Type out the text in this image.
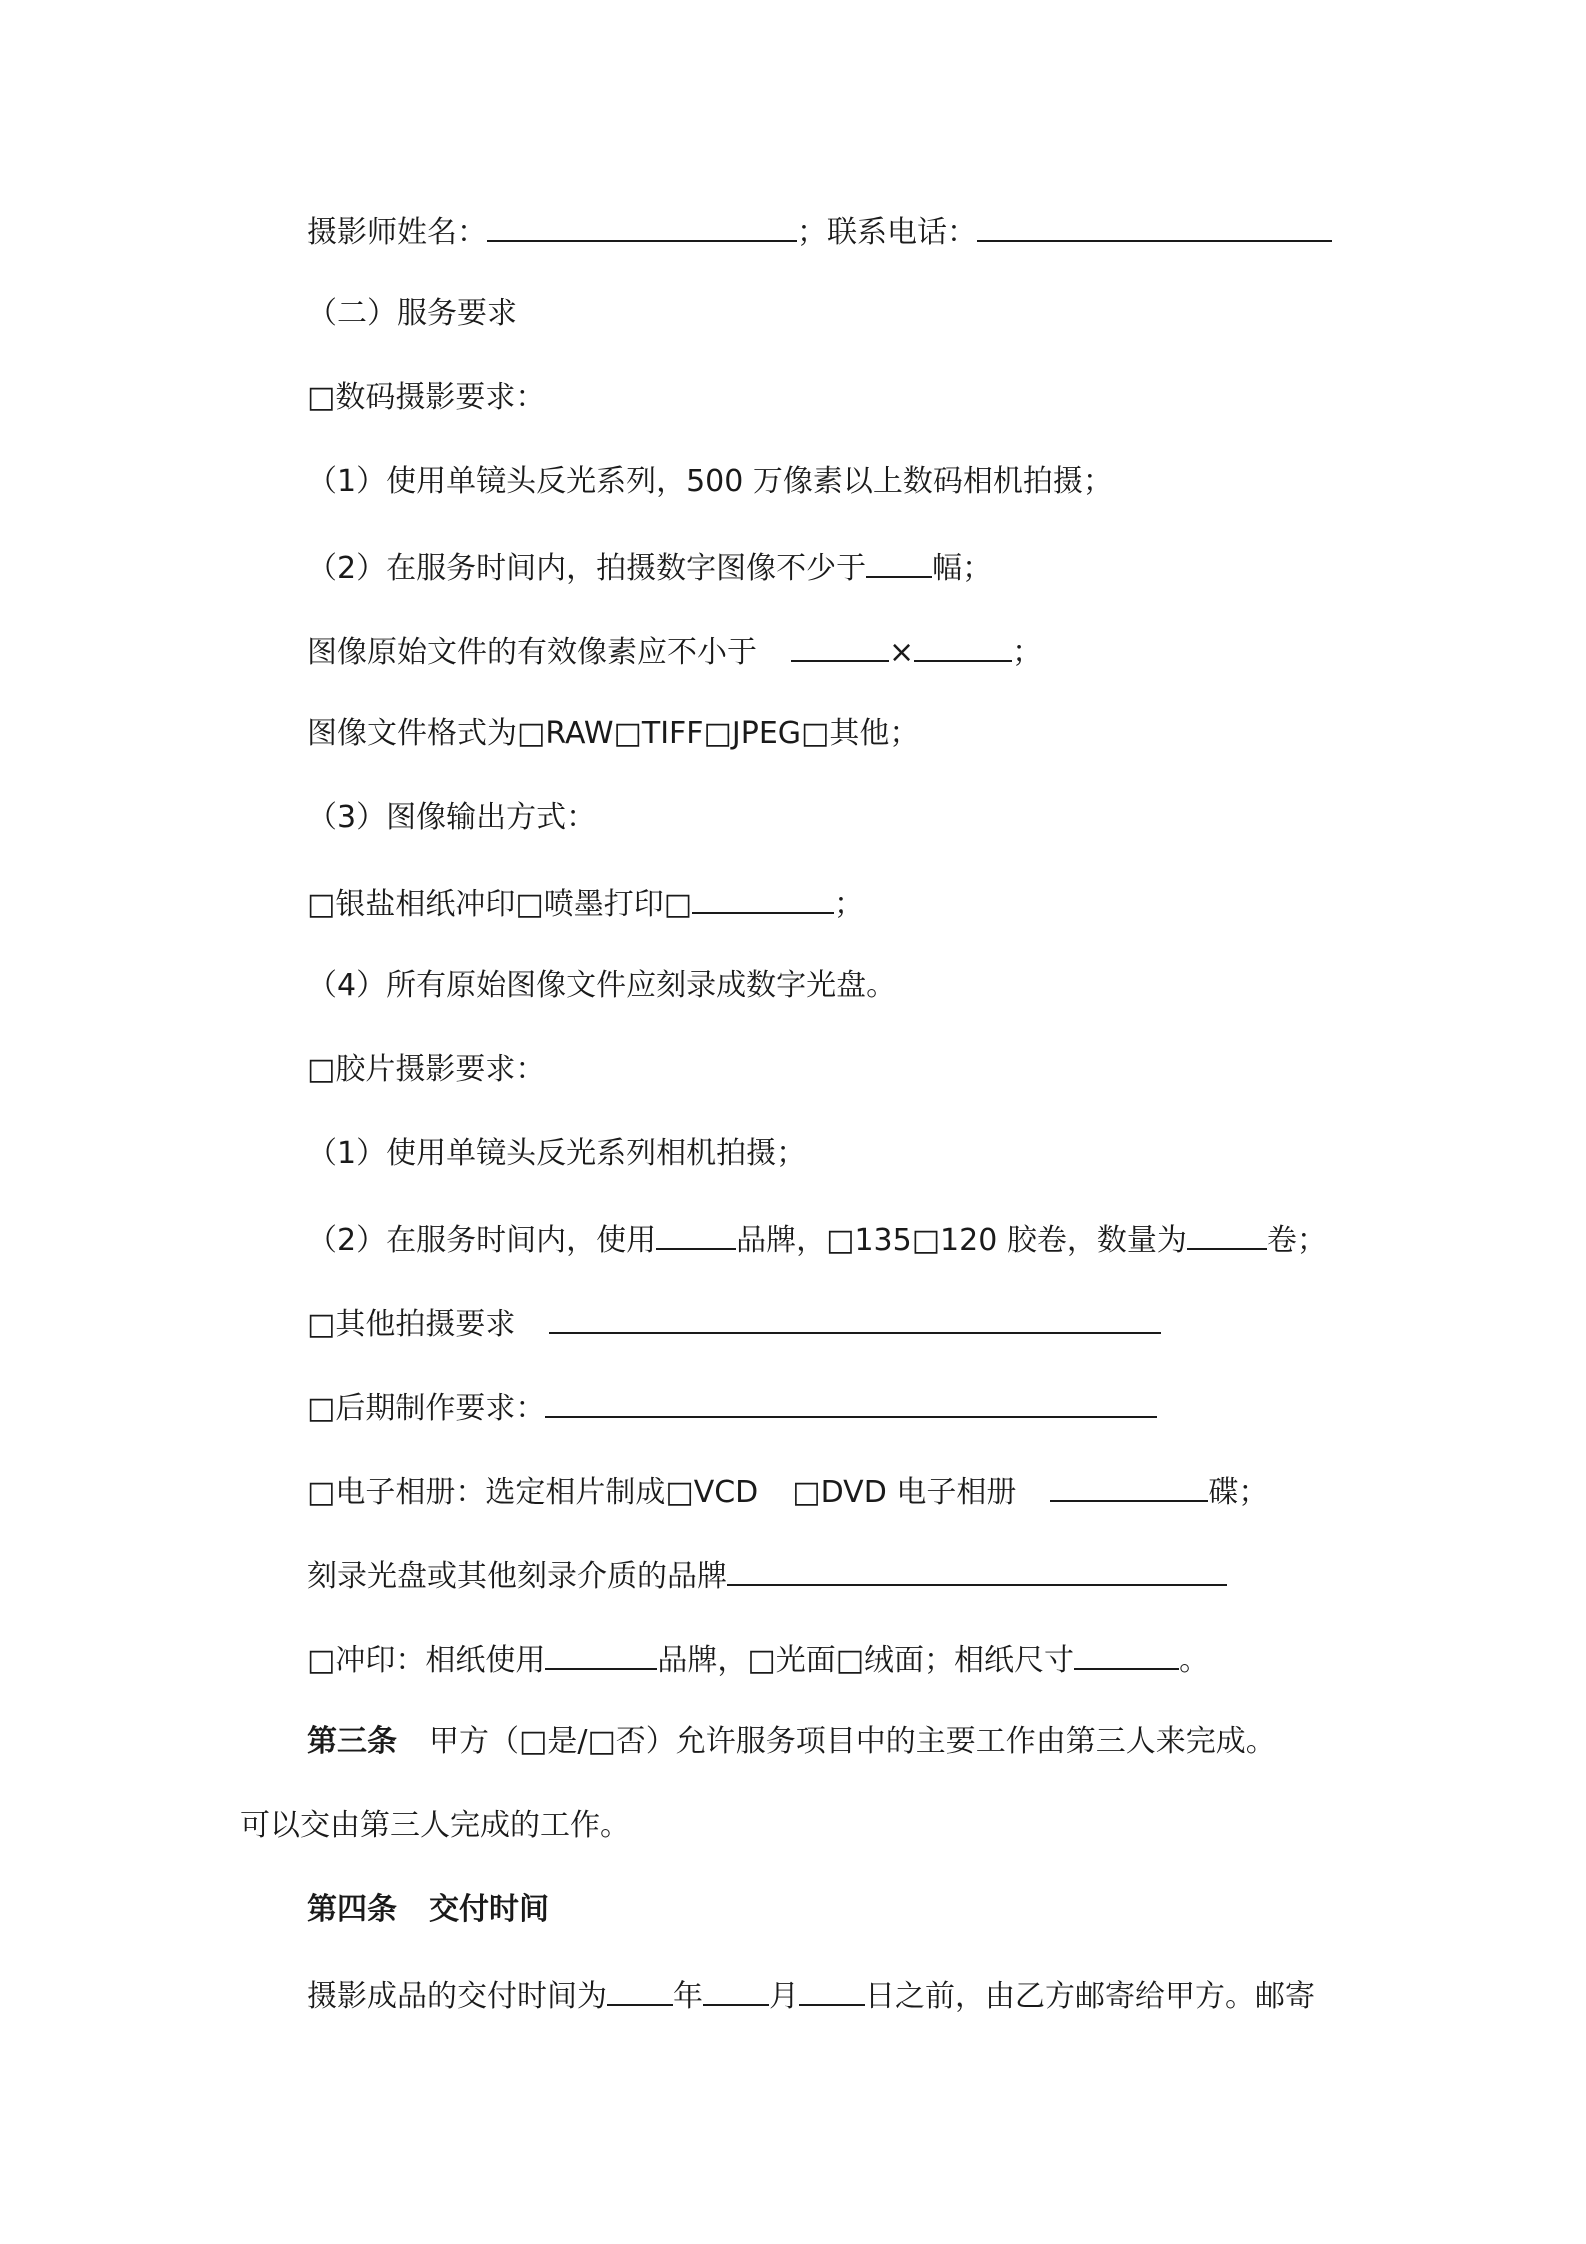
摄影师姓名：	；联系电话：
（二）服务要求
□数码摄影要求：
（1）使用单镜头反光系列，500 万像素以上数码相机拍摄；
（2）在服务时间内，拍摄数字图像不少于 幅；
图像原始文件的有效像素应不小于	×	；
图像文件格式为□RAW□TIFF□JPEG□其他；
（3）图像输出方式：
□银盐相纸冲印□喷墨打印□	；
（4）所有原始图像文件应刻录成数字光盘。
□胶片摄影要求：
（1）使用单镜头反光系列相机拍摄；
（2）在服务时间内，使用	品牌，□135□120 胶卷，数量为	卷；
□其他拍摄要求
□后期制作要求：
□电子相册：选定相片制成□VCD □DVD 电子相册	碟；
刻录光盘或其他刻录介质的品牌
□冲印：相纸使用	品牌，□光面□绒面；相纸尺寸	。
第三条 甲方（□是/□否）允许服务项目中的主要工作由第三人来完成。
可以交由第三人完成的工作。
第四条 交付时间
摄影成品的交付时间为 年 月 日之前，由乙方邮寄给甲方。邮寄
